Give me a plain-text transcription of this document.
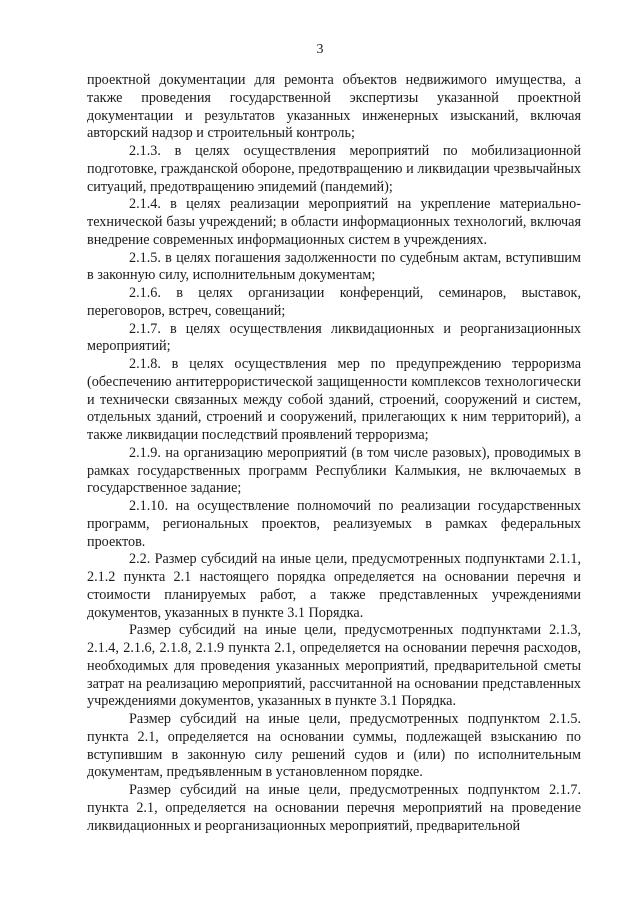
3

проектной документации для ремонта объектов недвижимого имущества, а также проведения государственной экспертизы указанной проектной документации и результатов указанных инженерных изысканий, включая авторский надзор и строительный контроль;

2.1.3. в целях осуществления мероприятий по мобилизационной подготовке, гражданской обороне, предотвращению и ликвидации чрезвычайных ситуаций, предотвращению эпидемий (пандемий);

2.1.4. в целях реализации мероприятий на укрепление материально-технической базы учреждений; в области информационных технологий, включая внедрение современных информационных систем в учреждениях.

2.1.5. в целях погашения задолженности по судебным актам, вступившим в законную силу, исполнительным документам;

2.1.6. в целях организации конференций, семинаров, выставок, переговоров, встреч, совещаний;

2.1.7. в целях осуществления ликвидационных и реорганизационных мероприятий;

2.1.8. в целях осуществления мер по предупреждению терроризма (обеспечению антитеррористической защищенности комплексов технологически и технически связанных между собой зданий, строений, сооружений и систем, отдельных зданий, строений и сооружений, прилегающих к ним территорий), а также ликвидации последствий проявлений терроризма;

2.1.9. на организацию мероприятий (в том числе разовых), проводимых в рамках государственных программ Республики Калмыкия, не включаемых в государственное задание;

2.1.10. на осуществление полномочий по реализации государственных программ, региональных проектов, реализуемых в рамках федеральных проектов.

2.2. Размер субсидий на иные цели, предусмотренных подпунктами 2.1.1, 2.1.2 пункта 2.1 настоящего порядка определяется на основании перечня и стоимости планируемых работ, а также представленных учреждениями документов, указанных в пункте 3.1 Порядка.

Размер субсидий на иные цели, предусмотренных подпунктами 2.1.3, 2.1.4, 2.1.6, 2.1.8, 2.1.9 пункта 2.1, определяется на основании перечня расходов, необходимых для проведения указанных мероприятий, предварительной сметы затрат на реализацию мероприятий, рассчитанной на основании представленных учреждениями документов, указанных в пункте 3.1 Порядка.

Размер субсидий на иные цели, предусмотренных подпунктом 2.1.5. пункта 2.1, определяется на основании суммы, подлежащей взысканию по вступившим в законную силу решений судов и (или) по исполнительным документам, предъявленным в установленном порядке.

Размер субсидий на иные цели, предусмотренных подпунктом 2.1.7. пункта 2.1, определяется на основании перечня мероприятий на проведение ликвидационных и реорганизационных мероприятий, предварительной
